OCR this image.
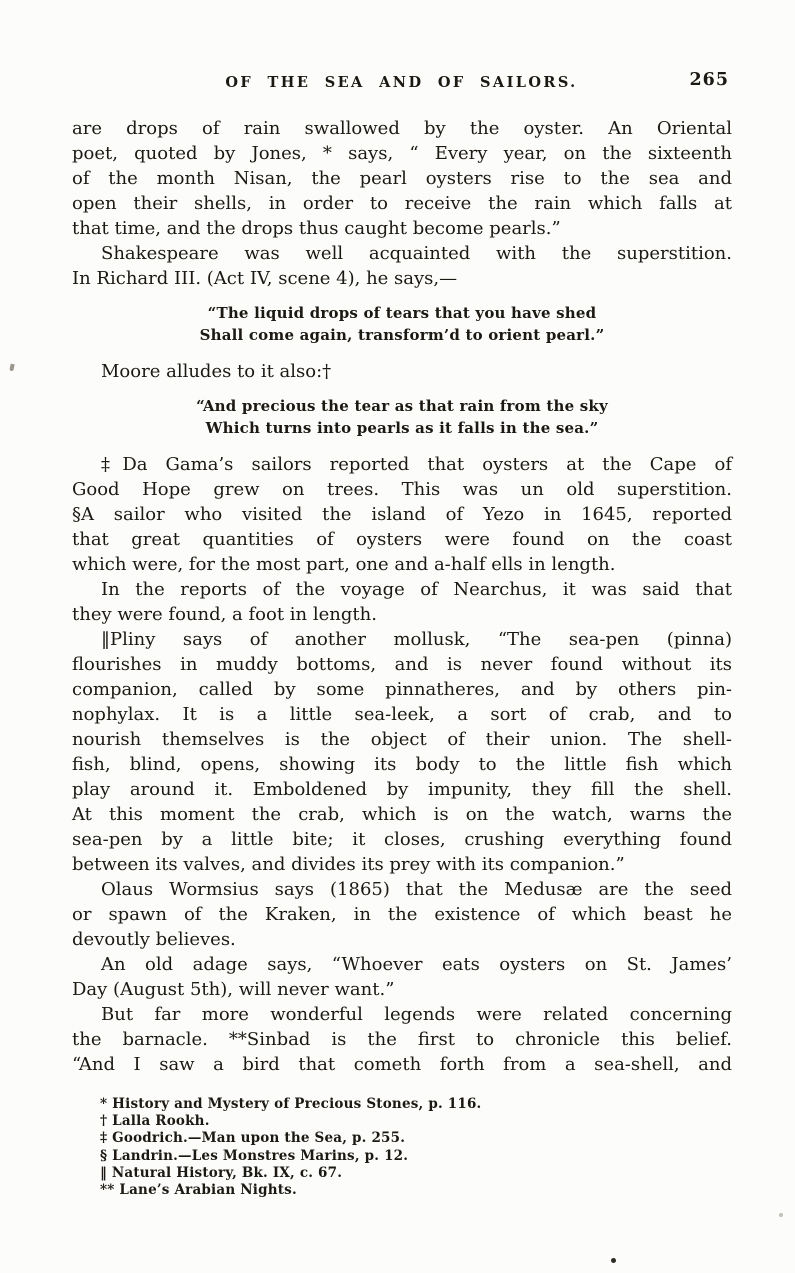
OF THE SEA AND OF SAILORS.	265
are drops of rain swallowed by the oyster. An Oriental
poet, quoted by Jones, * says, “ Every year, on the sixteenth
of the month Nisan, the pearl oysters rise to the sea and
open their shells, in order to receive the rain which falls at
that time, and the drops thus caught become pearls.”
Shakespeare was well acquainted with the superstition.
In Richard III. (Act IV, scene 4), he says,—
“The liquid drops of tears that you have shed
Shall come again, transform’d to orient pearl.”
Moore alludes to it also:†
“And precious the tear as that rain from the sky
Which turns into pearls as it falls in the sea.”
‡Da Gama’s sailors reported that oysters at the Cape of
Good Hope grew on trees. This was un old superstition.
§A sailor who visited the island of Yezo in 1645, reported
that great quantities of oysters were found on the coast
which were, for the most part, one and a-half ells in length.
In the reports of the voyage of Nearchus, it was said that
they were found, a foot in length.
‖Pliny says of another mollusk, “The sea-pen (pinna)
flourishes in muddy bottoms, and is never found without its
companion, called by some pinnatheres, and by others pin-
nophylax. It is a little sea-leek, a sort of crab, and to
nourish themselves is the object of their union. The shell-
fish, blind, opens, showing its body to the little fish which
play around it. Emboldened by impunity, they fill the shell.
At this moment the crab, which is on the watch, warns the
sea-pen by a little bite; it closes, crushing everything found
between its valves, and divides its prey with its companion.”
Olaus Wormsius says (1865) that the Medusæ are the seed
or spawn of the Kraken, in the existence of which beast he
devoutly believes.
An old adage says, “Whoever eats oysters on St. James’
Day (August 5th), will never want.”
But far more wonderful legends were related concerning
the barnacle. **Sinbad is the first to chronicle this belief.
“And I saw a bird that cometh forth from a sea-shell, and
* History and Mystery of Precious Stones, p. 116.
† Lalla Rookh.
‡ Goodrich.—Man upon the Sea, p. 255.
§ Landrin.—Les Monstres Marins, p. 12.
‖ Natural History, Bk. IX, c. 67.
** Lane’s Arabian Nights.
